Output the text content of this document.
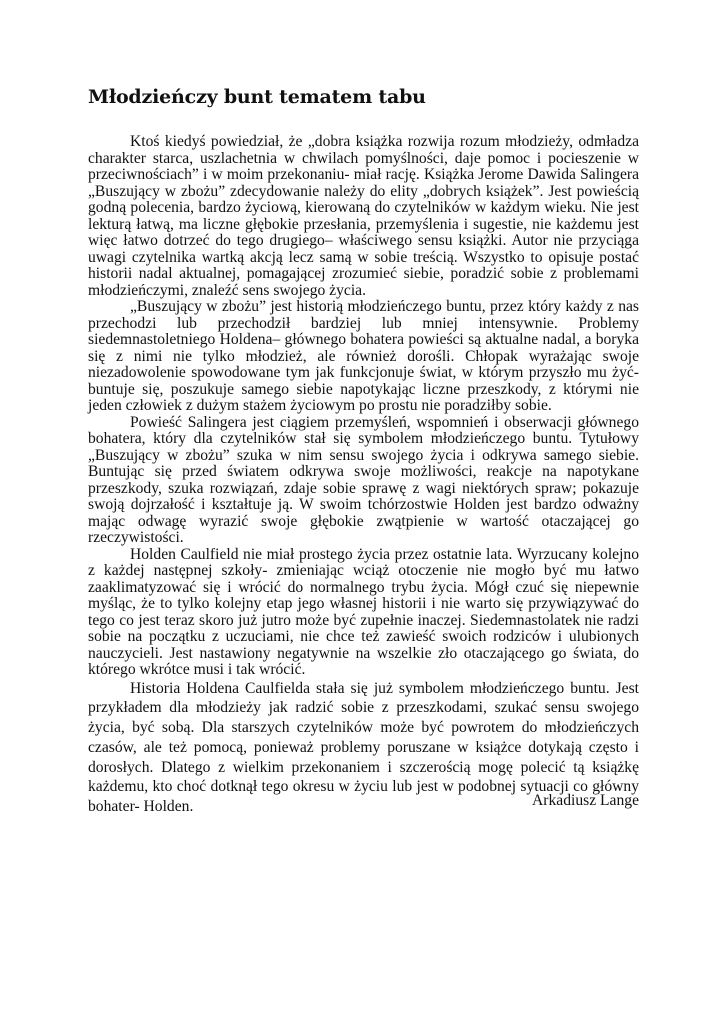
Młodzieńczy bunt tematem tabu

Ktoś kiedyś powiedział, że „dobra książka rozwija rozum młodzieży, odmładza charakter starca, uszlachetnia w chwilach pomyślności, daje pomoc i pocieszenie w przeciwnościach” i w moim przekonaniu- miał rację. Książka Jerome Dawida Salingera „Buszujący w zbożu” zdecydowanie należy do elity „dobrych książek”. Jest powieścią godną polecenia, bardzo życiową, kierowaną do czytelników w każdym wieku. Nie jest lekturą łatwą, ma liczne głębokie przesłania, przemyślenia i sugestie, nie każdemu jest więc łatwo dotrzeć do tego drugiego– właściwego sensu książki. Autor nie przyciąga uwagi czytelnika wartką akcją lecz samą w sobie treścią. Wszystko to opisuje postać historii nadal aktualnej, pomagającej zrozumieć siebie, poradzić sobie z problemami młodzieńczymi, znaleźć sens swojego życia.

„Buszujący w zbożu” jest historią młodzieńczego buntu, przez który każdy z nas przechodzi lub przechodził bardziej lub mniej intensywnie. Problemy siedemnastoletniego Holdena– głównego bohatera powieści są aktualne nadal, a boryka się z nimi nie tylko młodzież, ale również dorośli. Chłopak wyrażając swoje niezadowolenie spowodowane tym jak funkcjonuje świat, w którym przyszło mu żyć- buntuje się, poszukuje samego siebie napotykając liczne przeszkody, z którymi nie jeden człowiek z dużym stażem życiowym po prostu nie poradziłby sobie.

Powieść Salingera jest ciągiem przemyśleń, wspomnień i obserwacji głównego bohatera, który dla czytelników stał się symbolem młodzieńczego buntu. Tytułowy „Buszujący w zbożu” szuka w nim sensu swojego życia i odkrywa samego siebie. Buntując się przed światem odkrywa swoje możliwości, reakcje na napotykane przeszkody, szuka rozwiązań, zdaje sobie sprawę z wagi niektórych spraw; pokazuje swoją dojrzałość i kształtuje ją. W swoim tchórzostwie Holden jest bardzo odważny mając odwagę wyrazić swoje głębokie zwątpienie w wartość otaczającej go rzeczywistości.

Holden Caulfield nie miał prostego życia przez ostatnie lata. Wyrzucany kolejno z każdej następnej szkoły- zmieniając wciąż otoczenie nie mogło być mu łatwo zaaklimatyzować się i wrócić do normalnego trybu życia. Mógł czuć się niepewnie myśląc, że to tylko kolejny etap jego własnej historii i nie warto się przywiązywać do tego co jest teraz skoro już jutro może być zupełnie inaczej. Siedemnastolatek nie radzi sobie na początku z uczuciami, nie chce też zawieść swoich rodziców i ulubionych nauczycieli. Jest nastawiony negatywnie na wszelkie zło otaczającego go świata, do którego wkrótce musi i tak wrócić.

Historia Holdena Caulfielda stała się już symbolem młodzieńczego buntu. Jest przykładem dla młodzieży jak radzić sobie z przeszkodami, szukać sensu swojego życia, być sobą. Dla starszych czytelników może być powrotem do młodzieńczych czasów, ale też pomocą, ponieważ problemy poruszane w książce dotykają często i dorosłych. Dlatego z wielkim przekonaniem i szczerością mogę polecić tą książkę każdemu, kto choć dotknął tego okresu w życiu lub jest w podobnej sytuacji co główny bohater- Holden.	Arkadiusz Lange
